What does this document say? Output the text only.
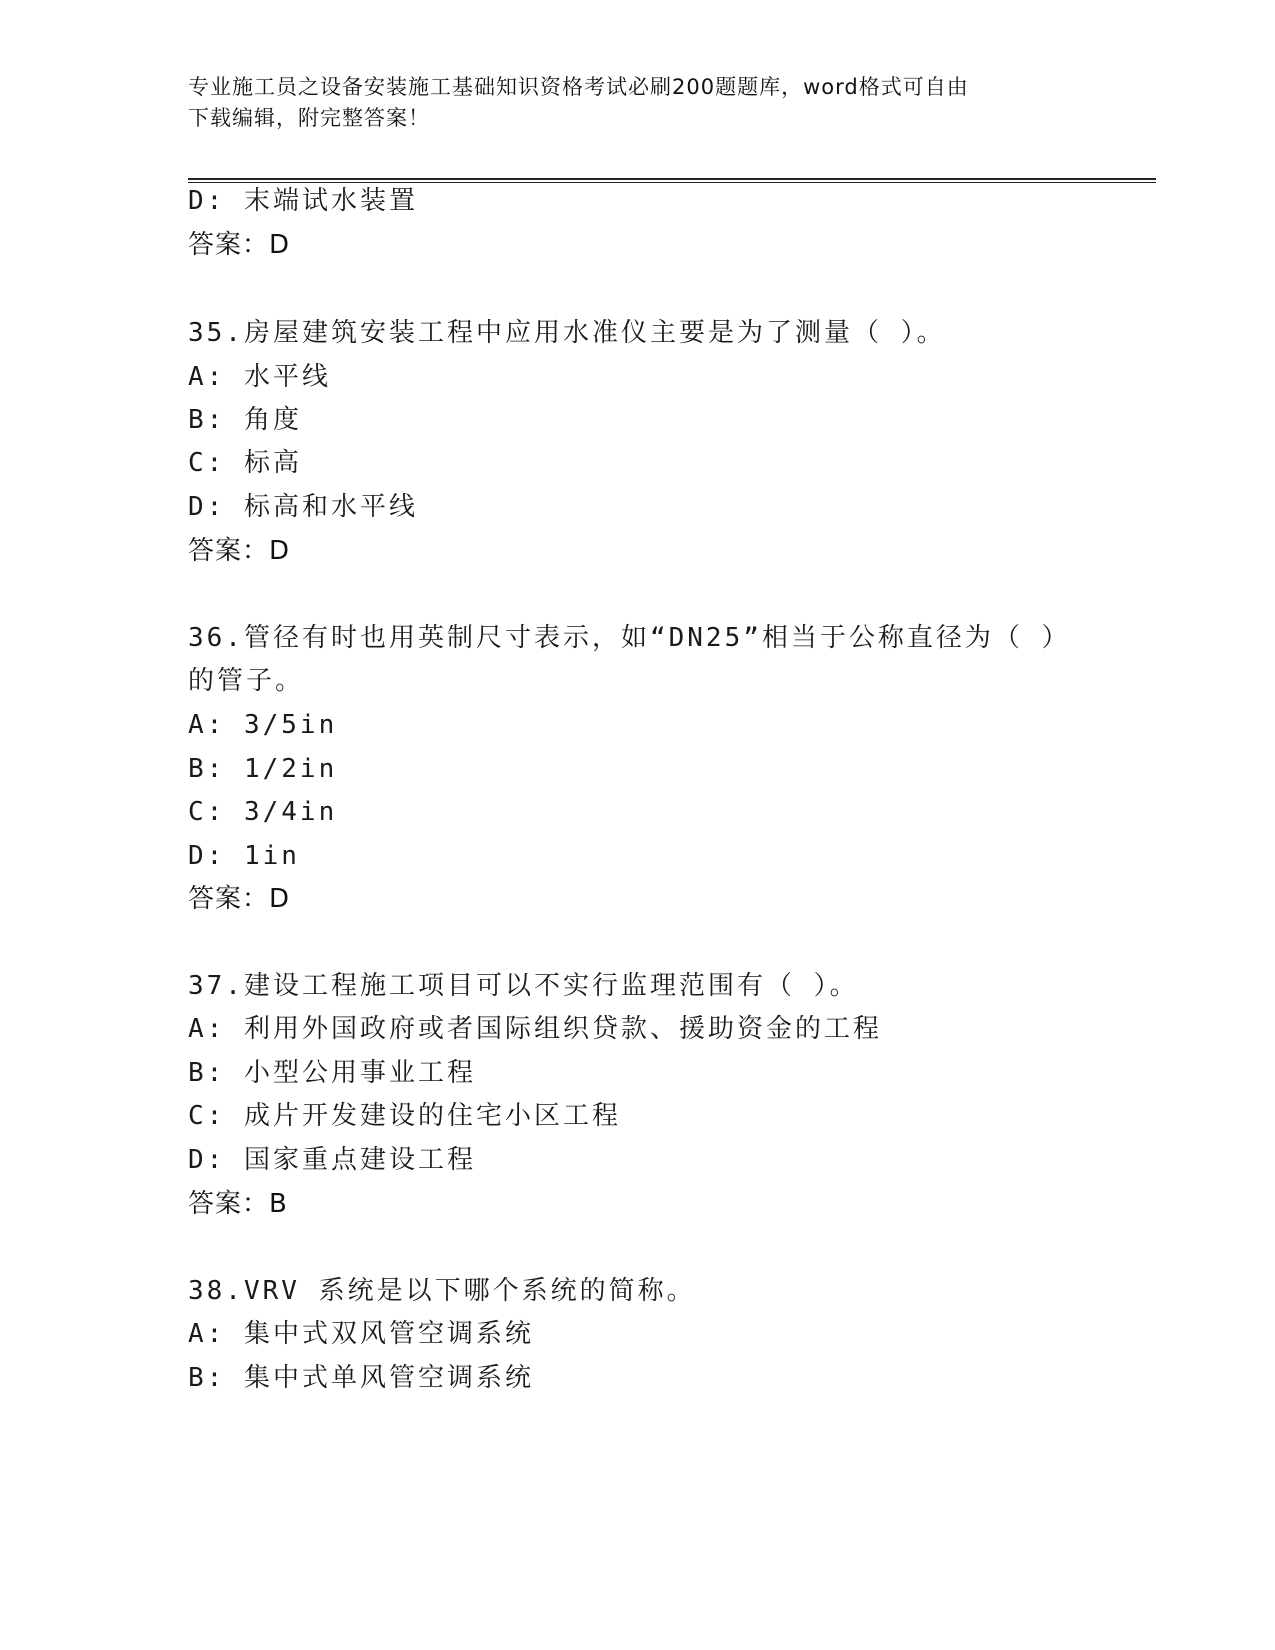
专业施工员之设备安装施工基础知识资格考试必刷200题题库，word格式可自由
下载编辑，附完整答案！
D: 末端试水装置
答案：D
35.房屋建筑安装工程中应用水准仪主要是为了测量（ ）。
A: 水平线
B: 角度
C: 标高
D: 标高和水平线
答案：D
36.管径有时也用英制尺寸表示，如“DN25”相当于公称直径为（ ）
的管子。
A: 3/5in
B: 1/2in
C: 3/4in
D: 1in
答案：D
37.建设工程施工项目可以不实行监理范围有（ ）。
A: 利用外国政府或者国际组织贷款、援助资金的工程
B: 小型公用事业工程
C: 成片开发建设的住宅小区工程
D: 国家重点建设工程
答案：B
38.VRV 系统是以下哪个系统的简称。
A: 集中式双风管空调系统
B: 集中式单风管空调系统
